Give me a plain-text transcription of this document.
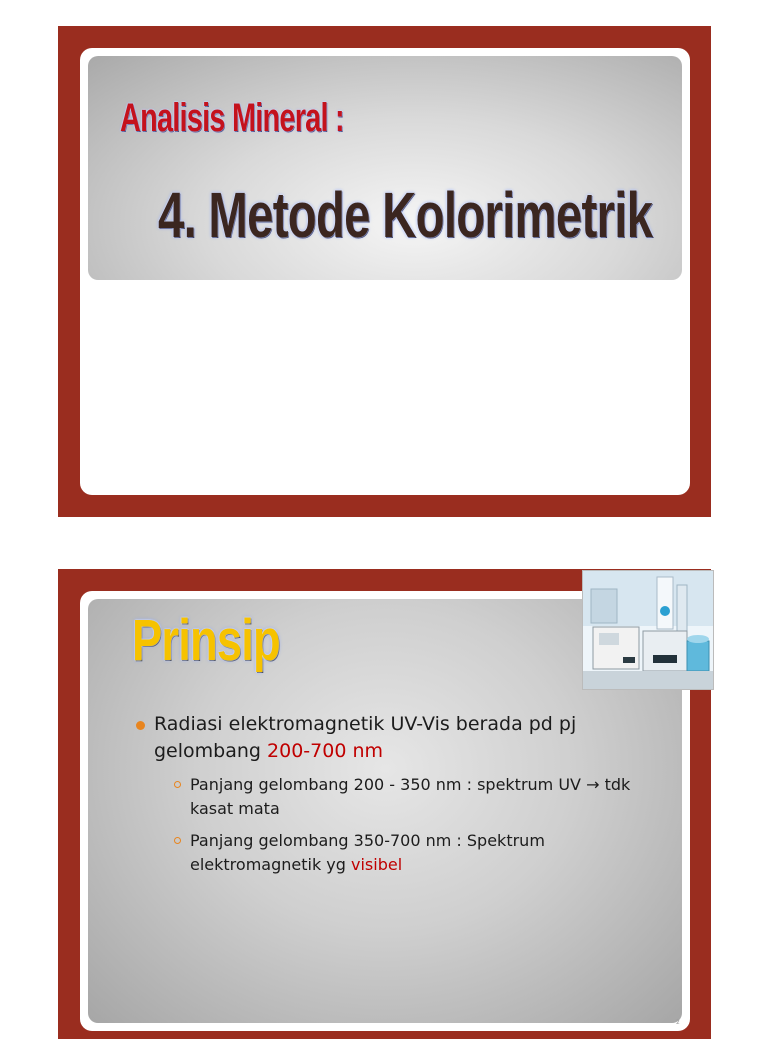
Analisis Mineral :
4. Metode Kolorimetrik
Prinsip
Radiasi elektromagnetik UV-Vis berada pd pj gelombang 200-700 nm
Panjang gelombang 200 - 350 nm : spektrum UV → tdk kasat mata
Panjang gelombang 350-700 nm : Spektrum elektromagnetik yg visibel
2
